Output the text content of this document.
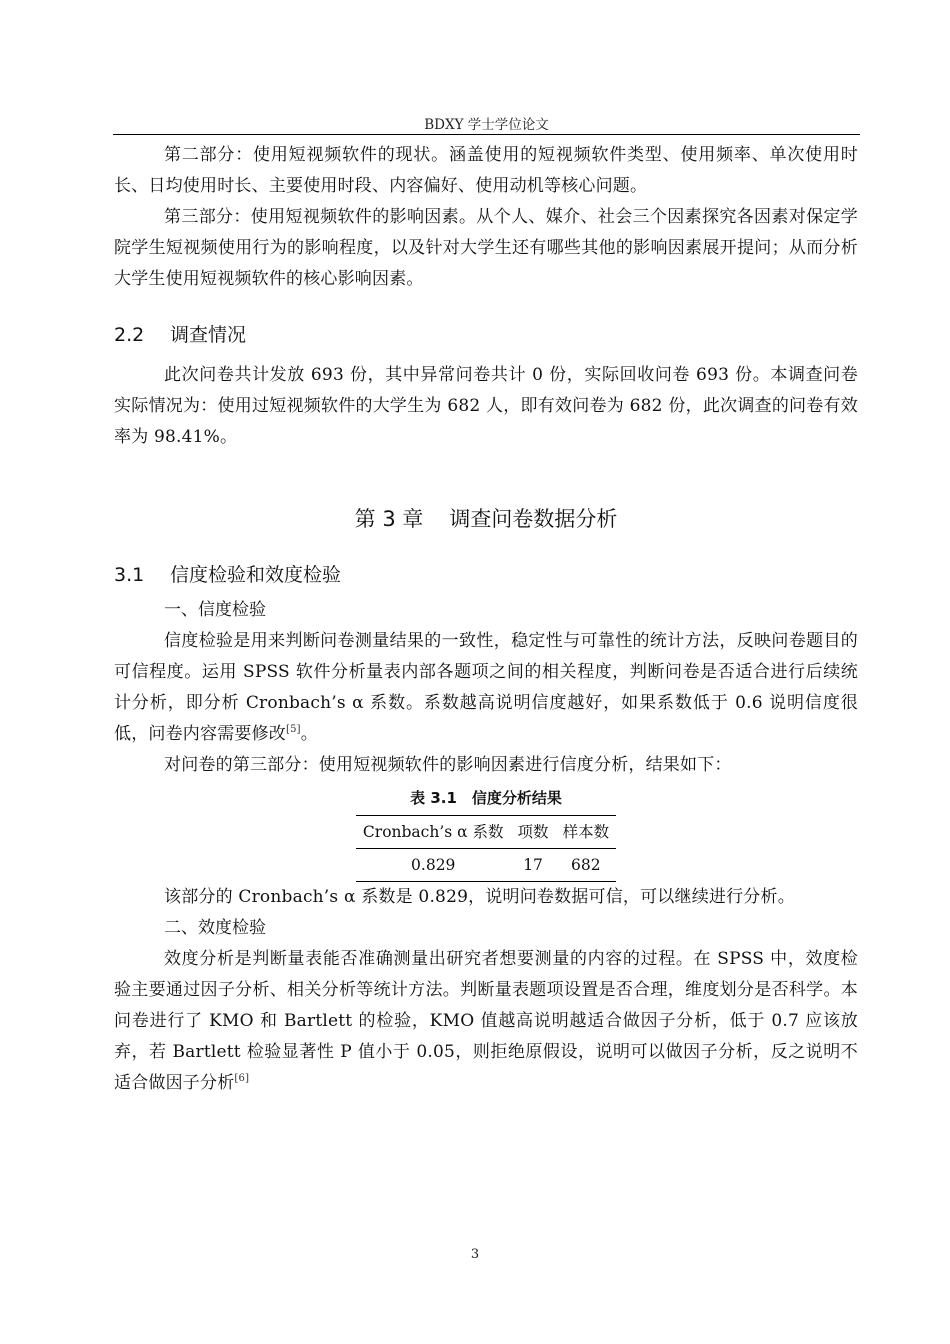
BDXY 学士学位论文

第二部分：使用短视频软件的现状。涵盖使用的短视频软件类型、使用频率、单次使用时长、日均使用时长、主要使用时段、内容偏好、使用动机等核心问题。

第三部分：使用短视频软件的影响因素。从个人、媒介、社会三个因素探究各因素对保定学院学生短视频使用行为的影响程度，以及针对大学生还有哪些其他的影响因素展开提问；从而分析大学生使用短视频软件的核心影响因素。

2.2 调查情况

此次问卷共计发放 693 份，其中异常问卷共计 0 份，实际回收问卷 693 份。本调查问卷实际情况为：使用过短视频软件的大学生为 682 人，即有效问卷为 682 份，此次调查的问卷有效率为 98.41%。

第 3 章 调查问卷数据分析
3.1 信度检验和效度检验

一、信度检验

信度检验是用来判断问卷测量结果的一致性，稳定性与可靠性的统计方法，反映问卷题目的可信程度。运用 SPSS 软件分析量表内部各题项之间的相关程度，判断问卷是否适合进行后续统计分析，即分析 Cronbach’s α 系数。系数越高说明信度越好，如果系数低于 0.6 说明信度很低，问卷内容需要修改[5]。

对问卷的第三部分：使用短视频软件的影响因素进行信度分析，结果如下：

表 3.1　信度分析结果
Cronbach’s α 系数	项数	样本数
0.829	17	682

该部分的 Cronbach’s α 系数是 0.829，说明问卷数据可信，可以继续进行分析。

二、效度检验

效度分析是判断量表能否准确测量出研究者想要测量的内容的过程。在 SPSS 中，效度检验主要通过因子分析、相关分析等统计方法。判断量表题项设置是否合理，维度划分是否科学。本问卷进行了 KMO 和 Bartlett 的检验，KMO 值越高说明越适合做因子分析，低于 0.7 应该放弃，若 Bartlett 检验显著性 P 值小于 0.05，则拒绝原假设，说明可以做因子分析，反之说明不适合做因子分析[6]

3
